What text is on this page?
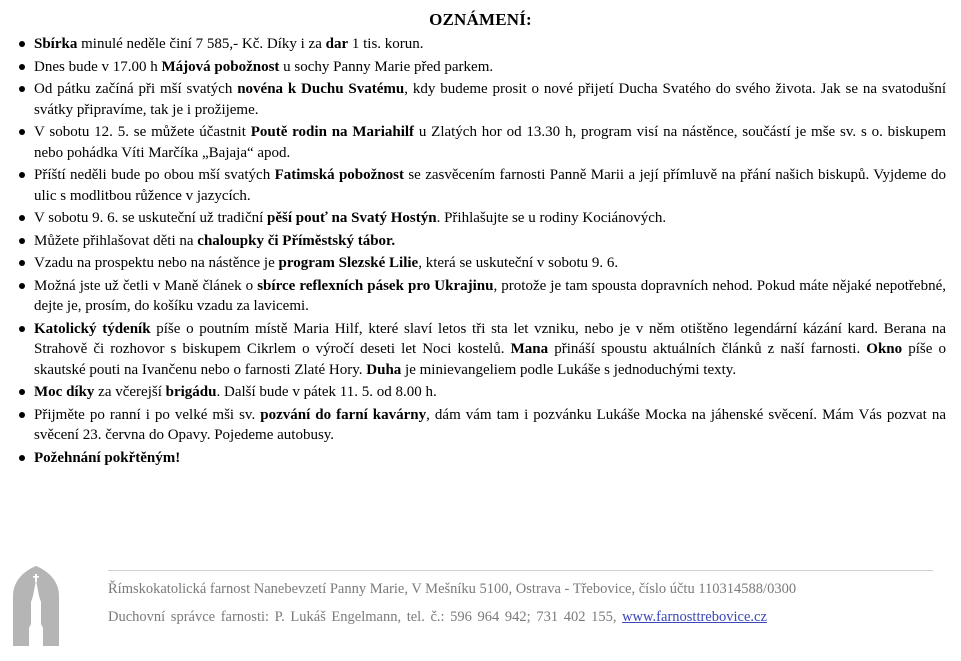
OZNÁMENÍ:
Sbírka minulé neděle činí 7 585,- Kč. Díky i za dar 1 tis. korun.
Dnes bude v 17.00 h Májová pobožnost u sochy Panny Marie před parkem.
Od pátku začíná při mší svatých novéna k Duchu Svatému, kdy budeme prosit o nové přijetí Ducha Svatého do svého života. Jak se na svatodušní svátky připravíme, tak je i prožijeme.
V sobotu 12. 5. se můžete účastnit Poutě rodin na Mariahilf u Zlatých hor od 13.30 h, program visí na nástěnce, součástí je mše sv. s o. biskupem nebo pohádka Víti Marčíka „Bajaja“ apod.
Příští neděli bude po obou mší svatých Fatimská pobožnost se zasvěcením farnosti Panně Marii a její přímluvě na přání našich biskupů. Vyjdeme do ulic s modlitbou růžence v jazycích.
V sobotu 9. 6. se uskuteční už tradiční pěší pouť na Svatý Hostýn. Přihlašujte se u rodiny Kociánových.
Můžete přihlašovat děti na chaloupky či Příměstský tábor.
Vzadu na prospektu nebo na nástěnce je program Slezské Lilie, která se uskuteční v sobotu 9. 6.
Možná jste už četli v Maně článek o sbírce reflexních pásek pro Ukrajinu, protože je tam spousta dopravních nehod. Pokud máte nějaké nepotřebné, dejte je, prosím, do košíku vzadu za lavicemi.
Katolický týdeník píše o poutním místě Maria Hilf, které slaví letos tři sta let vzniku, nebo je v něm otištěno legendární kázání kard. Berana na Strahově či rozhovor s biskupem Cikrlem o výročí deseti let Noci kostelů. Mana přináší spoustu aktuálních článků z naší farnosti. Okno píše o skautské pouti na Ivančenu nebo o farnosti Zlaté Hory. Duha je minievangeliem podle Lukáše s jednoduchými texty.
Moc díky za včerejší brigádu. Další bude v pátek 11. 5. od 8.00 h.
Přijměte po ranní i po velké mši sv. pozvání do farní kavárny, dám vám tam i pozvánku Lukáše Mocka na jáhenské svěcení. Mám Vás pozvat na svěcení 23. června do Opavy. Pojedeme autobusy.
Požehnání pokřtěným!
Římskokatolická farnost Nanebevzetí Panny Marie, V Mešníku 5100, Ostrava - Třebovice, číslo účtu 110314588/0300
Duchovní správce farnosti: P. Lukáš Engelmann, tel. č.: 596 964 942; 731 402 155, www.farnosttrebovice.cz
